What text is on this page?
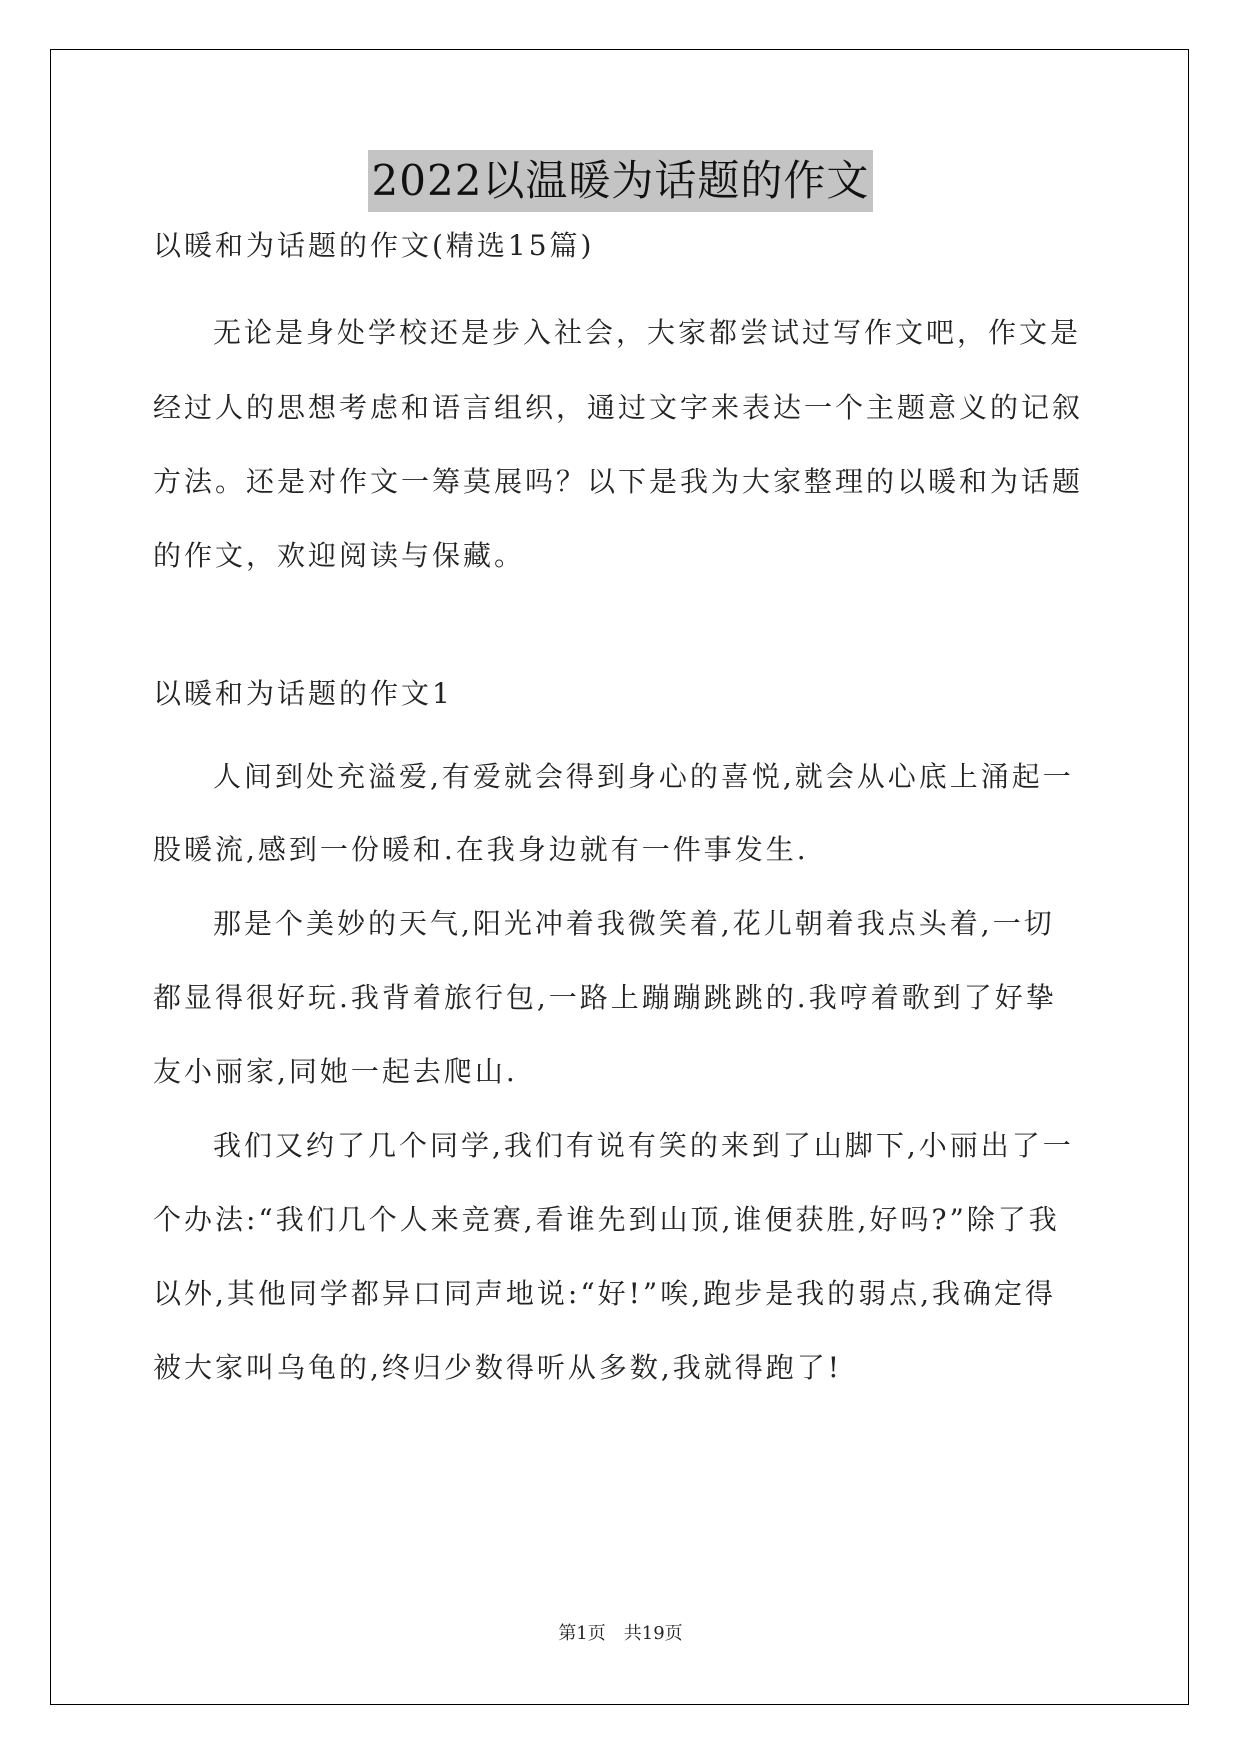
2022以温暖为话题的作文
以暖和为话题的作文(精选15篇)
无论是身处学校还是步入社会，大家都尝试过写作文吧，作文是
经过人的思想考虑和语言组织，通过文字来表达一个主题意义的记叙
方法。还是对作文一筹莫展吗？以下是我为大家整理的以暖和为话题
的作文，欢迎阅读与保藏。
以暖和为话题的作文1
人间到处充溢爱,有爱就会得到身心的喜悦,就会从心底上涌起一
股暖流,感到一份暖和.在我身边就有一件事发生.
那是个美妙的天气,阳光冲着我微笑着,花儿朝着我点头着,一切
都显得很好玩.我背着旅行包,一路上蹦蹦跳跳的.我哼着歌到了好挚
友小丽家,同她一起去爬山.
我们又约了几个同学,我们有说有笑的来到了山脚下,小丽出了一
个办法:“我们几个人来竞赛,看谁先到山顶,谁便获胜,好吗?”除了我
以外,其他同学都异口同声地说:“好!”唉,跑步是我的弱点,我确定得
被大家叫乌龟的,终归少数得听从多数,我就得跑了!
第1页　共19页
